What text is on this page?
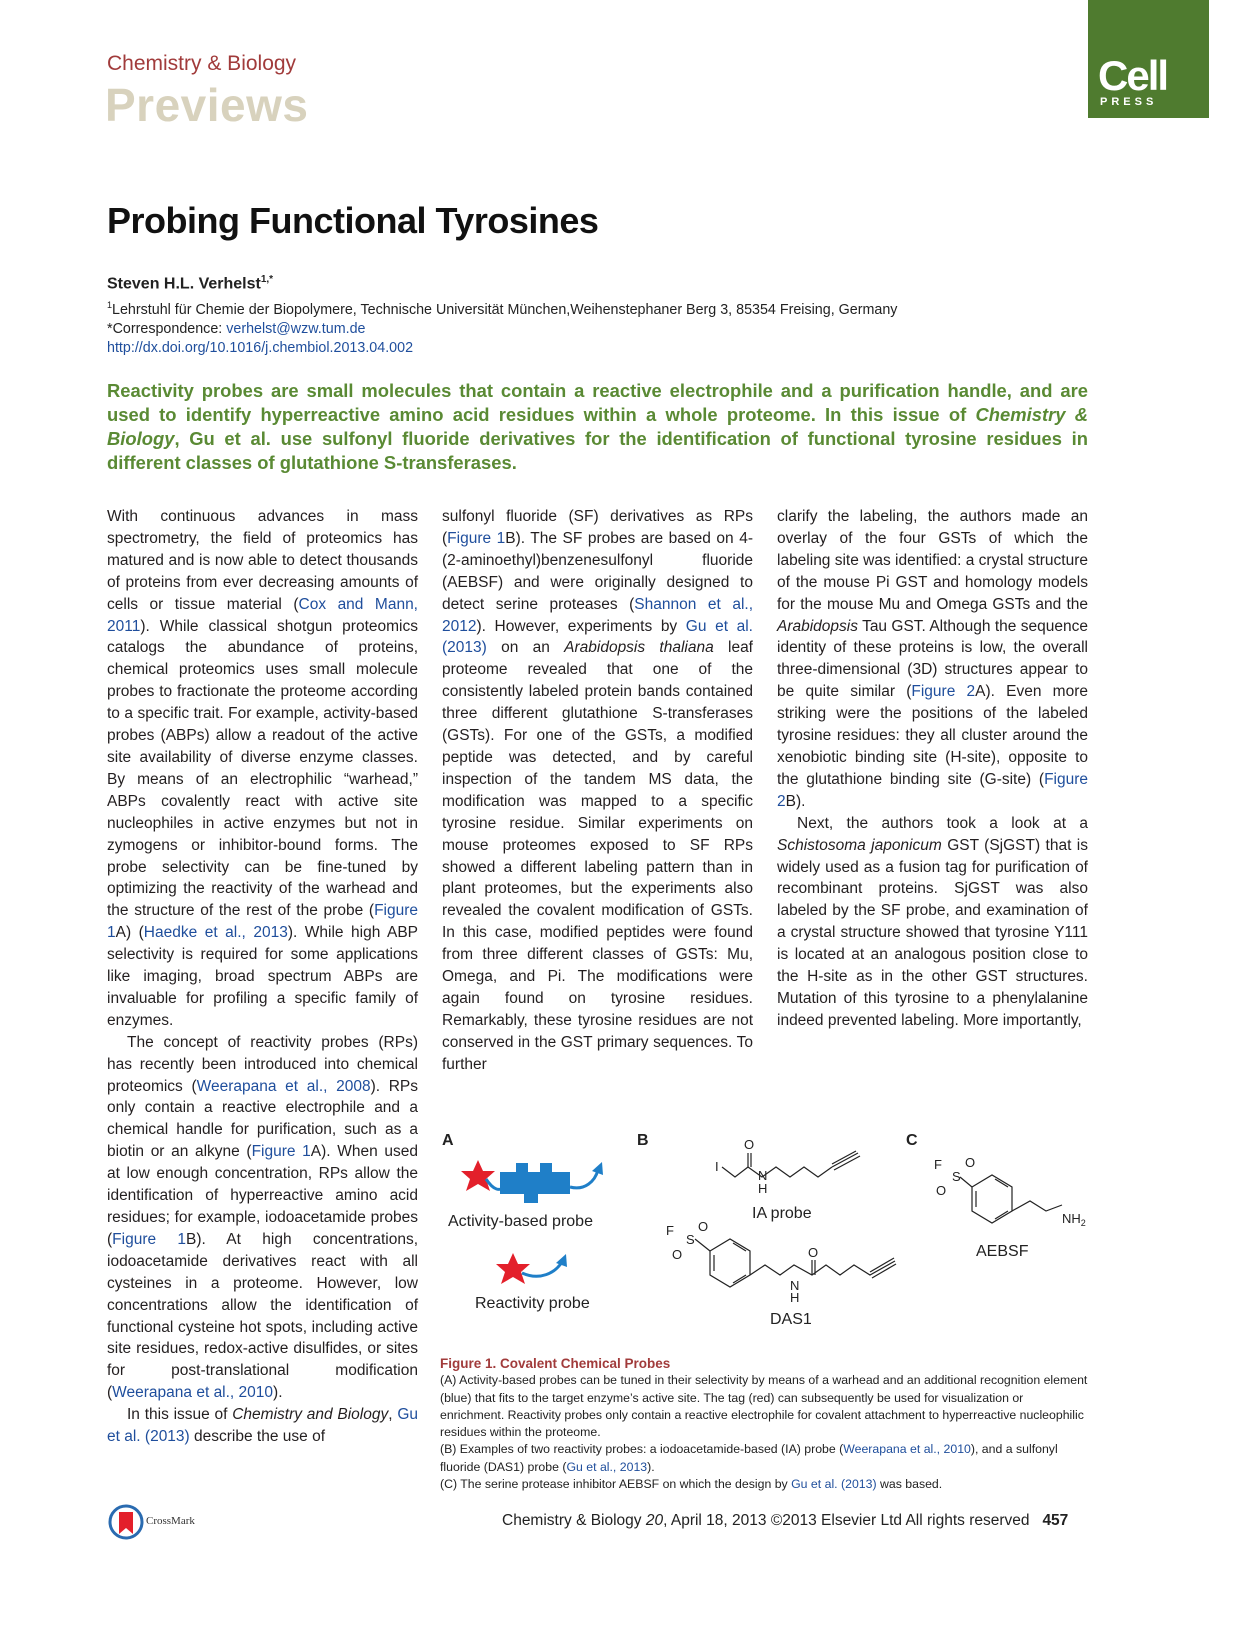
Chemistry & Biology
Previews
Cell
PRESS
Probing Functional Tyrosines
Steven H.L. Verhelst$^{1,*}$
$^1$Lehrstuhl für Chemie der Biopolymere, Technische Universität München,Weihenstephaner Berg 3, 85354 Freising, Germany
*Correspondence: verhelst@wzw.tum.de
http://dx.doi.org/10.1016/j.chembiol.2013.04.002
Reactivity probes are small molecules that contain a reactive electrophile and a purification handle, and are used to identify hyperreactive amino acid residues within a whole proteome. In this issue of Chemistry & Biology, Gu et al. use sulfonyl fluoride derivatives for the identification of functional tyrosine residues in different classes of glutathione S-transferases.

With continuous advances in mass spectrometry, the field of proteomics has matured and is now able to detect thousands of proteins from ever decreasing amounts of cells or tissue material (Cox and Mann, 2011). While classical shotgun proteomics catalogs the abundance of proteins, chemical proteomics uses small molecule probes to fractionate the proteome according to a specific trait. For example, activity-based probes (ABPs) allow a readout of the active site availability of diverse enzyme classes. By means of an electrophilic “warhead,” ABPs covalently react with active site nucleophiles in active enzymes but not in zymogens or inhibitor-bound forms. The probe selectivity can be fine-tuned by optimizing the reactivity of the warhead and the structure of the rest of the probe (Figure 1A) (Haedke et al., 2013). While high ABP selectivity is required for some applications like imaging, broad spectrum ABPs are invaluable for profiling a specific family of enzymes.

The concept of reactivity probes (RPs) has recently been introduced into chemical proteomics (Weerapana et al., 2008). RPs only contain a reactive electrophile and a chemical handle for purification, such as a biotin or an alkyne (Figure 1A). When used at low enough concentration, RPs allow the identification of hyperreactive amino acid residues; for example, iodoacetamide probes (Figure 1B). At high concentrations, iodoacetamide derivatives react with all cysteines in a proteome. However, low concentrations allow the identification of functional cysteine hot spots, including active site residues, redox-active disulfides, or sites for post-translational modification (Weerapana et al., 2010).

In this issue of Chemistry and Biology, Gu et al. (2013) describe the use of

sulfonyl fluoride (SF) derivatives as RPs (Figure 1B). The SF probes are based on 4-(2-aminoethyl)benzenesulfonyl fluoride (AEBSF) and were originally designed to detect serine proteases (Shannon et al., 2012). However, experiments by Gu et al. (2013) on an Arabidopsis thaliana leaf proteome revealed that one of the consistently labeled protein bands contained three different glutathione S-transferases (GSTs). For one of the GSTs, a modified peptide was detected, and by careful inspection of the tandem MS data, the modification was mapped to a specific tyrosine residue. Similar experiments on mouse proteomes exposed to SF RPs showed a different labeling pattern than in plant proteomes, but the experiments also revealed the covalent modification of GSTs. In this case, modified peptides were found from three different classes of GSTs: Mu, Omega, and Pi. The modifications were again found on tyrosine residues. Remarkably, these tyrosine residues are not conserved in the GST primary sequences. To further

clarify the labeling, the authors made an overlay of the four GSTs of which the labeling site was identified: a crystal structure of the mouse Pi GST and homology models for the mouse Mu and Omega GSTs and the Arabidopsis Tau GST. Although the sequence identity of these proteins is low, the overall three-dimensional (3D) structures appear to be quite similar (Figure 2A). Even more striking were the positions of the labeled tyrosine residues: they all cluster around the xenobiotic binding site (H-site), opposite to the glutathione binding site (G-site) (Figure 2B).

Next, the authors took a look at a Schistosoma japonicum GST (SjGST) that is widely used as a fusion tag for purification of recombinant proteins. SjGST was also labeled by the SF probe, and examination of a crystal structure showed that tyrosine Y111 is located at an analogous position close to the H-site as in the other GST structures. Mutation of this tyrosine to a phenylalanine indeed prevented labeling. More importantly,

A	B	C
Activity-based probe
Reactivity probe
O
I
N
H
IA probe
F
S
O
O	O
N
H
DAS1
F
S
O
O
$NH_2$
AEBSF
Figure 1. Covalent Chemical Probes
(A) Activity-based probes can be tuned in their selectivity by means of a warhead and an additional recognition element (blue) that fits to the target enzyme’s active site. The tag (red) can subsequently be used for visualization or enrichment. Reactivity probes only contain a reactive electrophile for covalent attachment to hyperreactive nucleophilic residues within the proteome.
(B) Examples of two reactivity probes: a iodoacetamide-based (IA) probe (Weerapana et al., 2010), and a sulfonyl fluoride (DAS1) probe (Gu et al., 2013).
(C) The serine protease inhibitor AEBSF on which the design by Gu et al. (2013) was based.
CrossMark	Chemistry & Biology 20, April 18, 2013 ©2013 Elsevier Ltd All rights reserved 457
